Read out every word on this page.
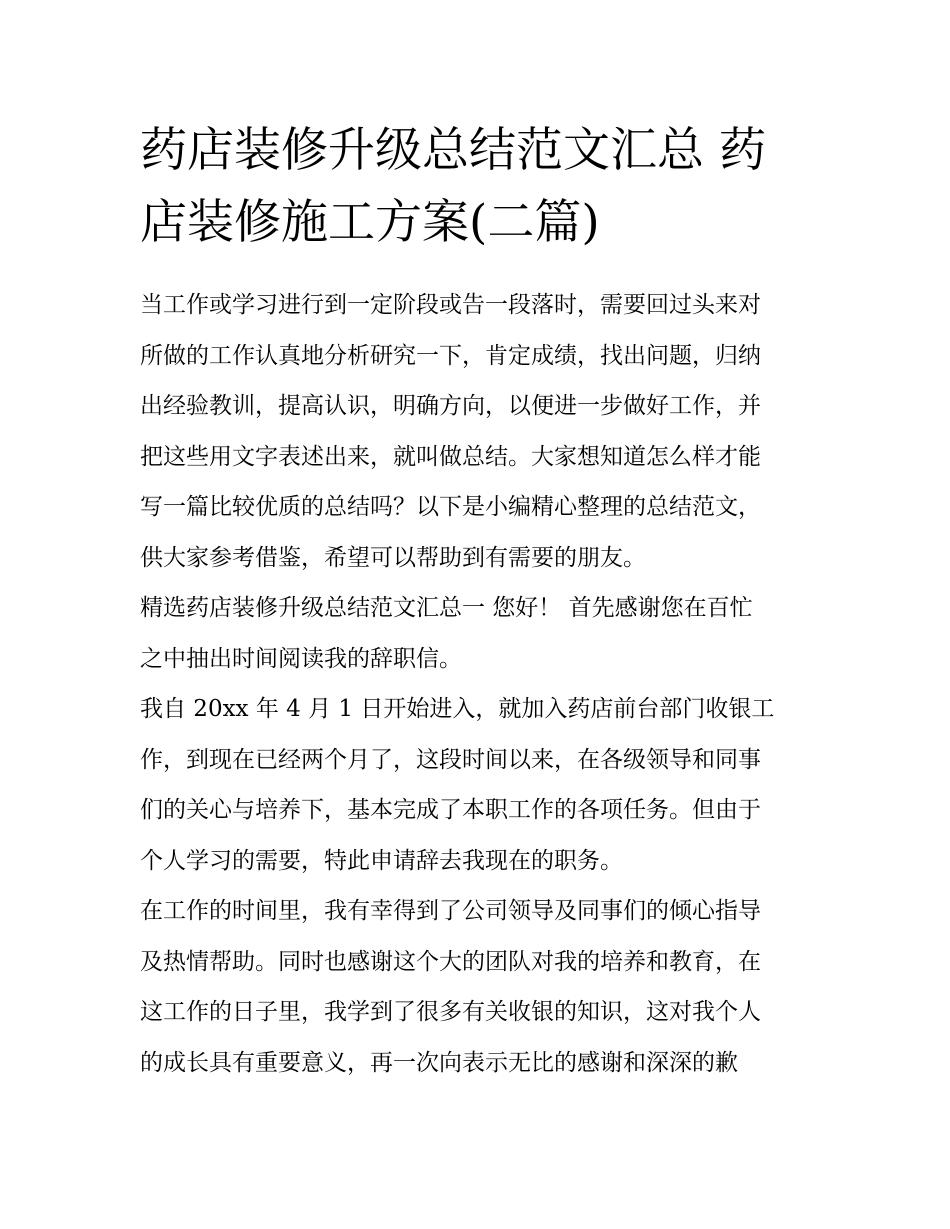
药店装修升级总结范文汇总 药
店装修施工方案(二篇)
当工作或学习进行到一定阶段或告一段落时，需要回过头来对
所做的工作认真地分析研究一下，肯定成绩，找出问题，归纳
出经验教训，提高认识，明确方向，以便进一步做好工作，并
把这些用文字表述出来，就叫做总结。大家想知道怎么样才能
写一篇比较优质的总结吗？以下是小编精心整理的总结范文，
供大家参考借鉴，希望可以帮助到有需要的朋友。
精选药店装修升级总结范文汇总一 您好！ 首先感谢您在百忙
之中抽出时间阅读我的辞职信。
我自 20xx 年 4 月 1 日开始进入，就加入药店前台部门收银工
作，到现在已经两个月了，这段时间以来，在各级领导和同事
们的关心与培养下，基本完成了本职工作的各项任务。但由于
个人学习的需要，特此申请辞去我现在的职务。
在工作的时间里，我有幸得到了公司领导及同事们的倾心指导
及热情帮助。同时也感谢这个大的团队对我的培养和教育，在
这工作的日子里，我学到了很多有关收银的知识，这对我个人
的成长具有重要意义，再一次向表示无比的感谢和深深的歉
